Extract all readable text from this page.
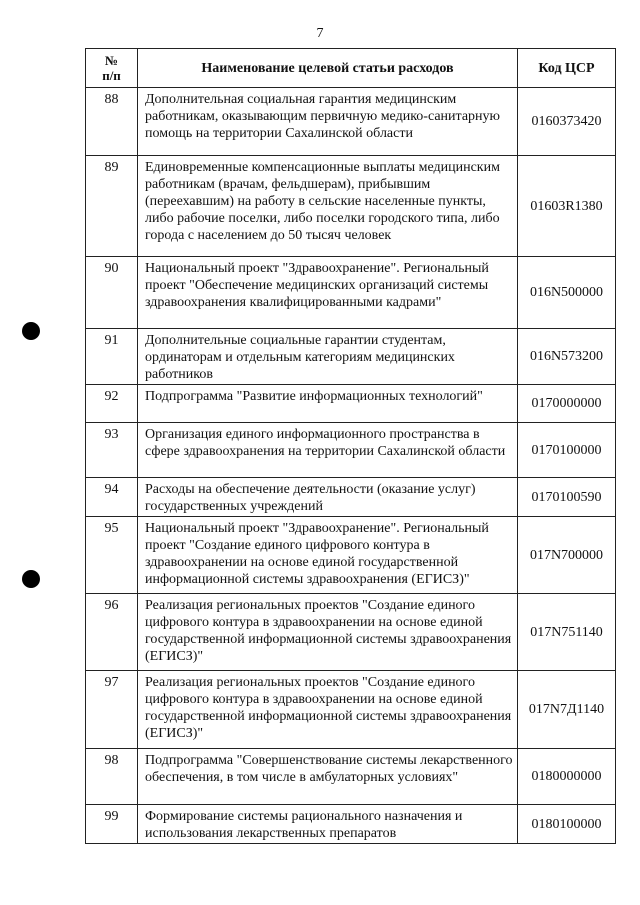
7
№
п/п	Наименование целевой статьи расходов	Код ЦСР
88	Дополнительная социальная гарантия медицинским работникам, оказывающим первичную медико-санитарную помощь на территории Сахалинской области	0160373420
89	Единовременные компенсационные выплаты медицинским работникам (врачам, фельдшерам), прибывшим (переехавшим) на работу в сельские населенные пункты, либо рабочие поселки, либо поселки городского типа, либо города с населением до 50 тысяч человек	01603R1380
90	Национальный проект "Здравоохранение". Региональный проект "Обеспечение медицинских организаций системы здравоохранения квалифицированными кадрами"	016N500000
91	Дополнительные социальные гарантии студентам, ординаторам и отдельным категориям медицинских работников	016N573200
92	Подпрограмма "Развитие информационных технологий"	0170000000
93	Организация единого информационного пространства в сфере здравоохранения на территории Сахалинской области	0170100000
94	Расходы на обеспечение деятельности (оказание услуг) государственных учреждений	0170100590
95	Национальный проект "Здравоохранение". Региональный проект "Создание единого цифрового контура в здравоохранении на основе единой государственной информационной системы здравоохранения (ЕГИСЗ)"	017N700000
96	Реализация региональных проектов "Создание единого цифрового контура в здравоохранении на основе единой государственной информационной системы здравоохранения (ЕГИСЗ)"	017N751140
97	Реализация региональных проектов "Создание единого цифрового контура в здравоохранении на основе единой государственной информационной системы здравоохранения (ЕГИСЗ)"	017N7Д1140
98	Подпрограмма "Совершенствование системы лекарственного обеспечения, в том числе в амбулаторных условиях"	0180000000
99	Формирование системы рационального назначения и использования лекарственных препаратов	0180100000
